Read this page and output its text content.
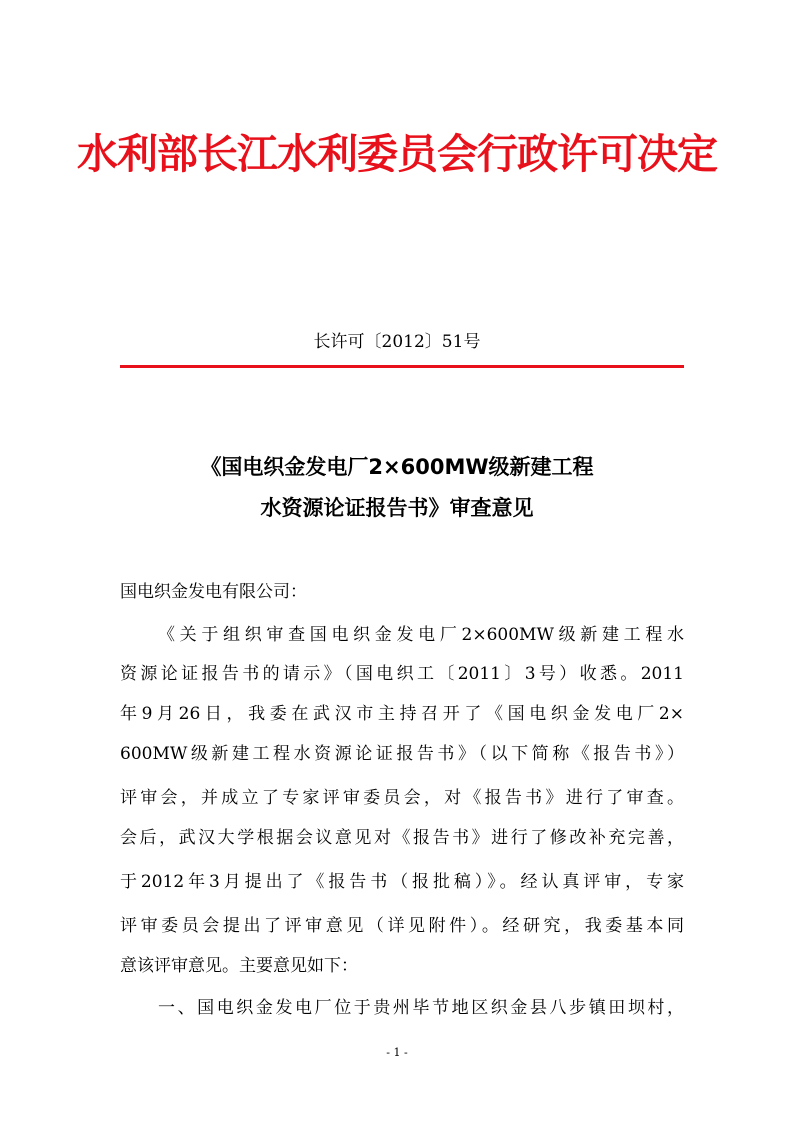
水利部长江水利委员会行政许可决定
长许可〔2012〕51号
《国电织金发电厂2×600MW级新建工程
水资源论证报告书》审查意见
国电织金发电有限公司：
《关于组织审查国电织金发电厂2×600MW级新建工程水
资源论证报告书的请示》（国电织工〔2011〕3号）收悉。2011
年9月26日，我委在武汉市主持召开了《国电织金发电厂2×
600MW级新建工程水资源论证报告书》（以下简称《报告书》）
评审会，并成立了专家评审委员会，对《报告书》进行了审查。
会后，武汉大学根据会议意见对《报告书》进行了修改补充完善，
于2012年3月提出了《报告书（报批稿）》。经认真评审，专家
评审委员会提出了评审意见（详见附件）。经研究，我委基本同
意该评审意见。主要意见如下：
一、国电织金发电厂位于贵州毕节地区织金县八步镇田坝村，
- 1 -
